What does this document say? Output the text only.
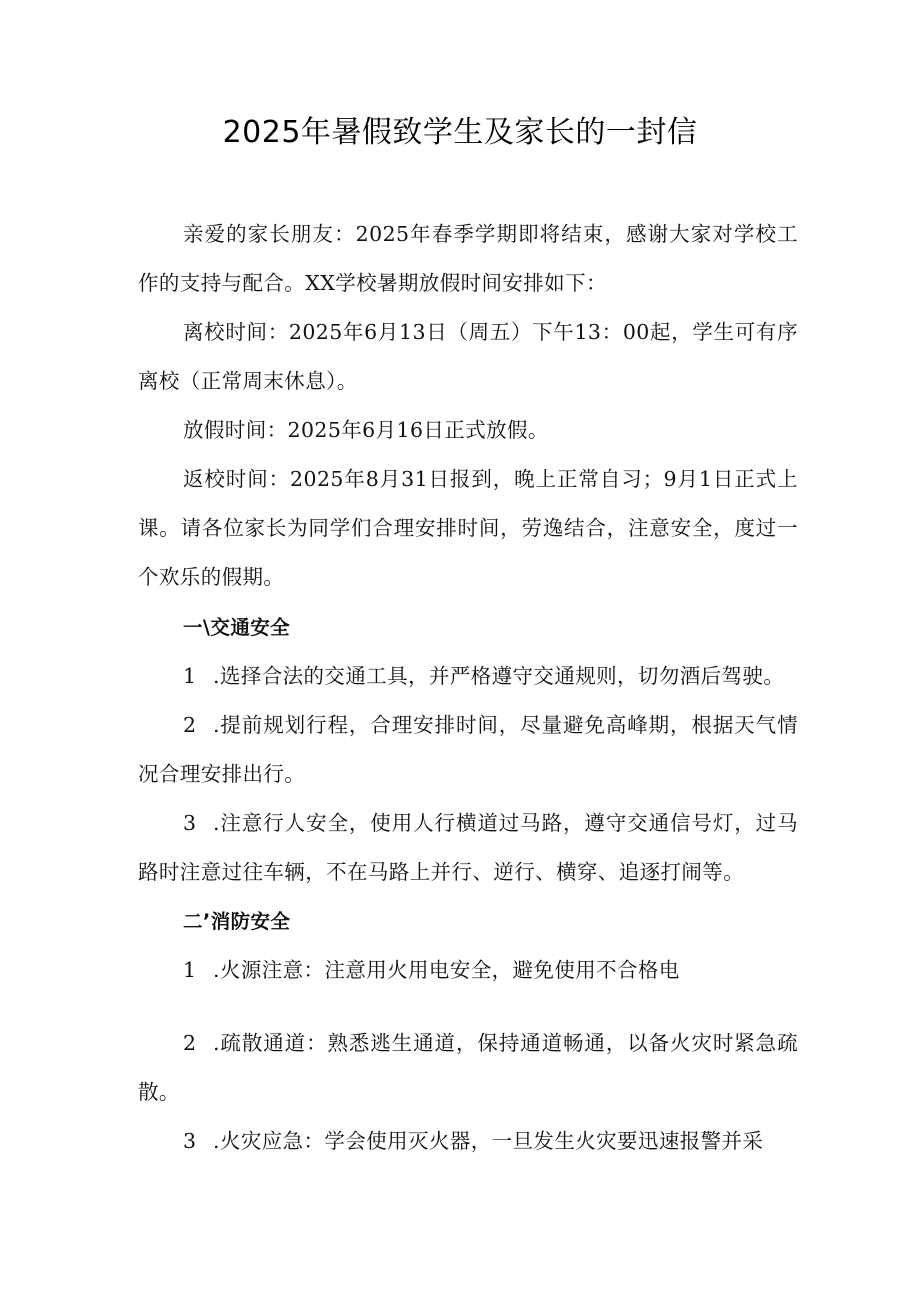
2025年暑假致学生及家长的一封信

亲爱的家长朋友：2025年春季学期即将结束，感谢大家对学校工作的支持与配合。XX学校暑期放假时间安排如下：

离校时间：2025年6月13日（周五）下午13：00起，学生可有序离校（正常周末休息）。

放假时间：2025年6月16日正式放假。

返校时间：2025年8月31日报到，晚上正常自习；9月1日正式上课。请各位家长为同学们合理安排时间，劳逸结合，注意安全，度过一个欢乐的假期。

一\交通安全

1 .选择合法的交通工具，并严格遵守交通规则，切勿酒后驾驶。

2 .提前规划行程，合理安排时间，尽量避免高峰期，根据天气情况合理安排出行。

3 .注意行人安全，使用人行横道过马路，遵守交通信号灯，过马路时注意过往车辆，不在马路上并行、逆行、横穿、追逐打闹等。

二’消防安全

1 .火源注意：注意用火用电安全，避免使用不合格电

2 .疏散通道：熟悉逃生通道，保持通道畅通，以备火灾时紧急疏散。

3 .火灾应急：学会使用灭火器，一旦发生火灾要迅速报警并采
